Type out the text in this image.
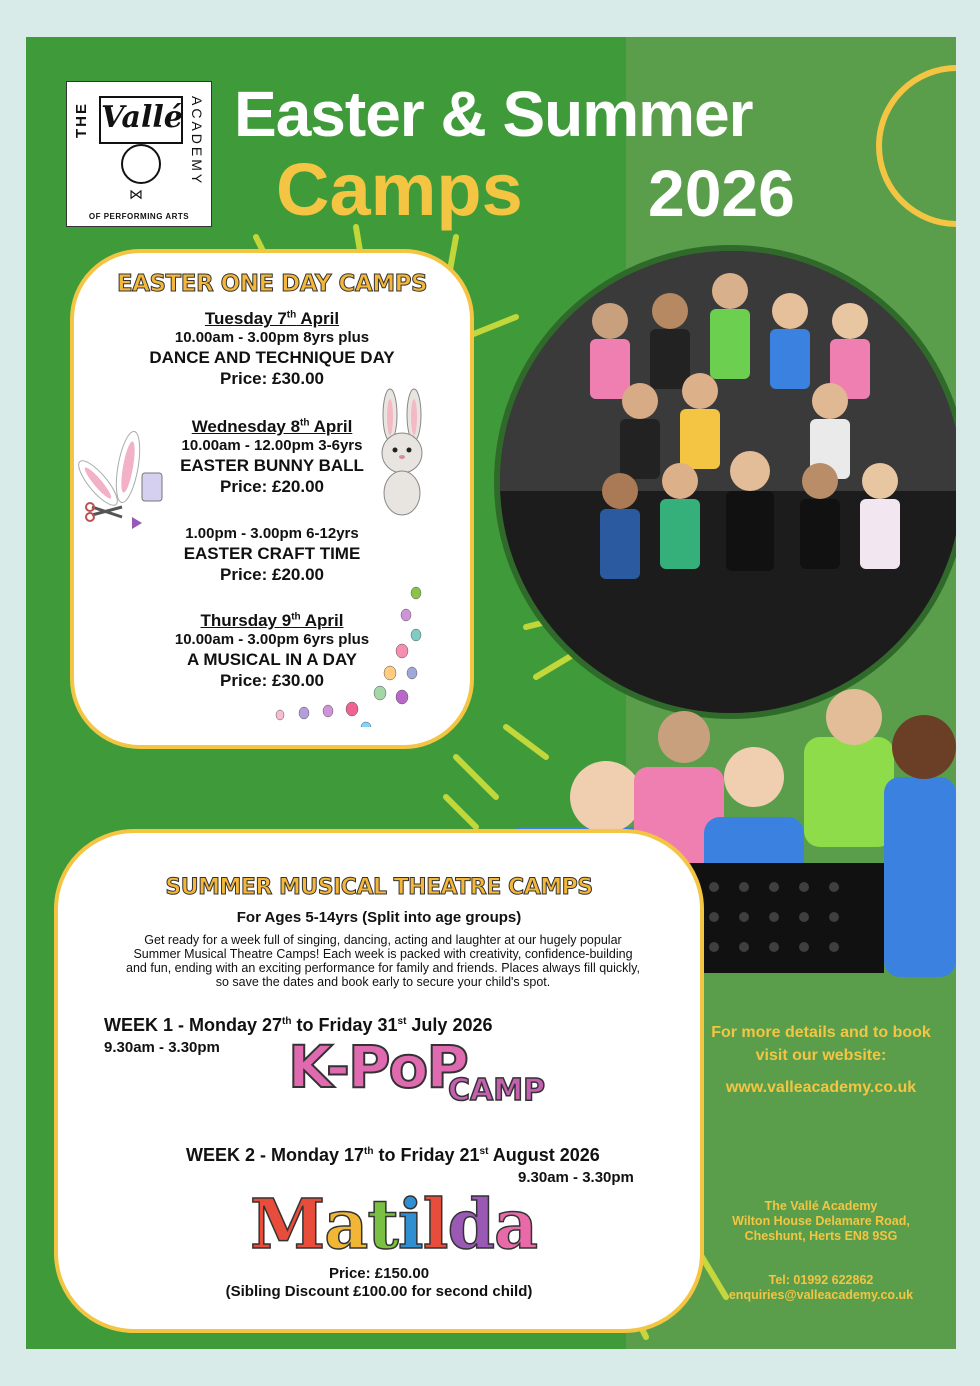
THE Vallé ACADEMY
⋈
OF PERFORMING ARTS
Easter & Summer
Camps 2026
EASTER ONE DAY CAMPS
Tuesday 7th April
10.00am - 3.00pm 8yrs plus
DANCE AND TECHNIQUE DAY
Price: £30.00
Wednesday 8th April
10.00am - 12.00pm 3-6yrs
EASTER BUNNY BALL
Price: £20.00
1.00pm - 3.00pm 6-12yrs
EASTER CRAFT TIME
Price: £20.00
Thursday 9th April
10.00am - 3.00pm 6yrs plus
A MUSICAL IN A DAY
Price: £30.00
SUMMER MUSICAL THEATRE CAMPS
For Ages 5-14yrs (Split into age groups)
Get ready for a week full of singing, dancing, acting and laughter at our hugely popular Summer Musical Theatre Camps! Each week is packed with creativity, confidence-building and fun, ending with an exciting performance for family and friends. Places always fill quickly, so save the dates and book early to secure your child's spot.
WEEK 1 - Monday 27th to Friday 31st July 2026
9.30am - 3.30pm K-PoP
CAMP
WEEK 2 - Monday 17th to Friday 21st August 2026
9.30am - 3.30pm
Matilda
Price: £150.00
(Sibling Discount £100.00 for second child)
For more details and to book
visit our website:
www.valleacademy.co.uk
The Vallé Academy
Wilton House Delamare Road,
Cheshunt, Herts EN8 9SG
Tel: 01992 622862
enquiries@valleacademy.co.uk
